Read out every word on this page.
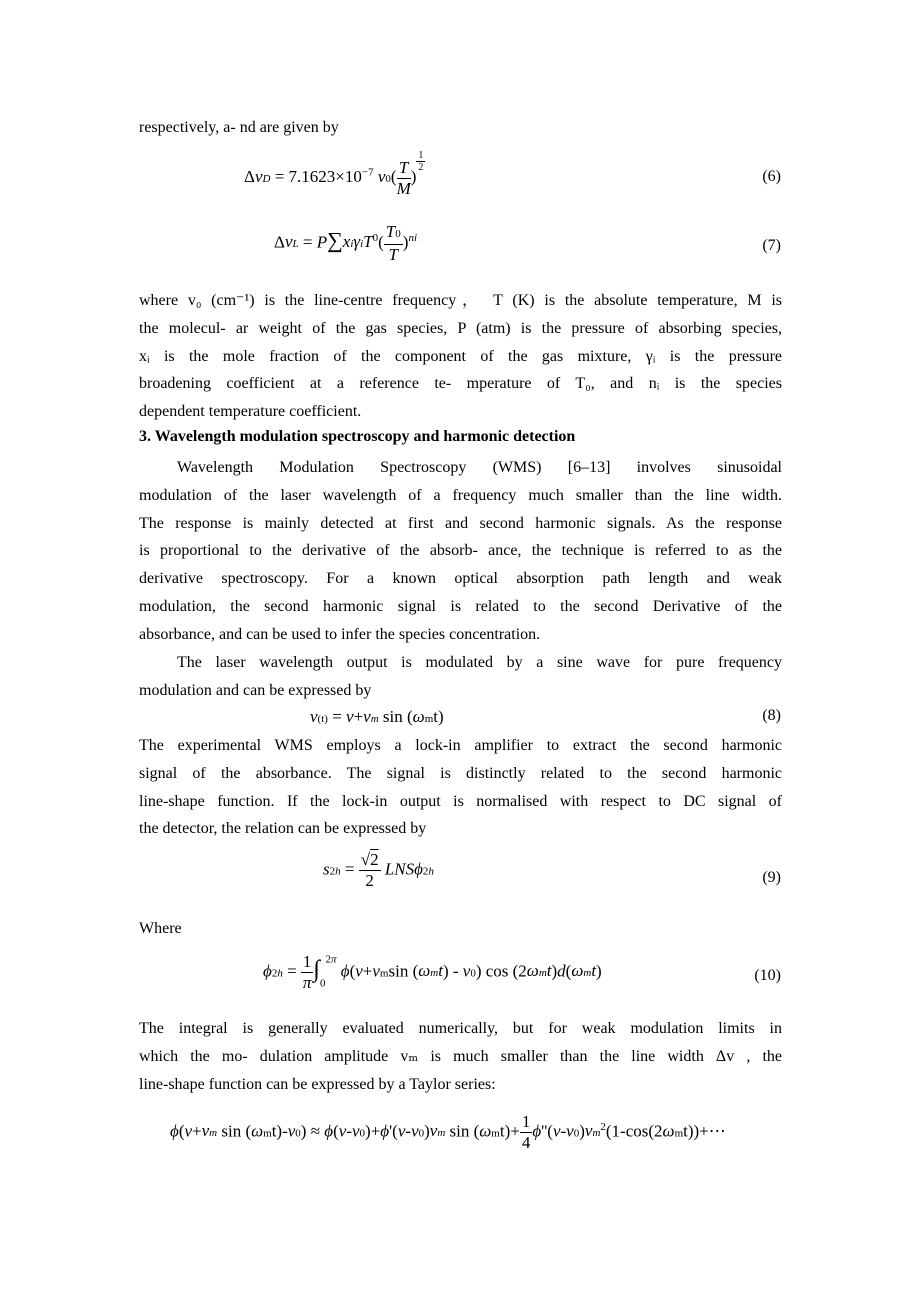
respectively, a- nd are given by

$\Delta vD = 7.1623\times 10^{-7}$ $v0( \frac{T}{M}$ )
$^{\frac{1}{2}}$
(6)
$\Delta vL = P\sum xi\gamma iT^0( \frac{T0}{T} )^{ni}$	(7)

where v₀ (cm⁻¹) is the line-centre frequency， T (K) is the absolute temperature, M is
the molecul- ar weight of the gas species, P (atm) is the pressure of absorbing species,
xᵢ is the mole fraction of the component of the gas mixture, γᵢ is the pressure
broadening coefficient at a reference te- mperature of T₀, and nᵢ is the species
dependent temperature coefficient.

3. Wavelength modulation spectroscopy and harmonic detection

Wavelength Modulation Spectroscopy (WMS) [6–13] involves sinusoidal
modulation of the laser wavelength of a frequency much smaller than the line width.
The response is mainly detected at first and second harmonic signals. As the response
is proportional to the derivative of the absorb- ance, the technique is referred to as the
derivative spectroscopy. For a known optical absorption path length and weak
modulation, the second harmonic signal is related to the second Derivative of the
absorbance, and can be used to infer the species concentration.

The laser wavelength output is modulated by a sine wave for pure frequency
modulation and can be expressed by

v(t) = v+vm sin (ωmt)	(8)

The experimental WMS employs a lock-in amplifier to extract the second harmonic
signal of the absorbance. The signal is distinctly related to the second harmonic
line-shape function. If the lock-in output is normalised with respect to DC signal of
the detector, the relation can be expressed by

$s2h = \frac{√2}{2} LNS\phi 2h$	(9)

Where

$\phi 2h = \frac{1}{\pi} \int_0^{2\pi}$ ϕ(v+vmsin (ωmt) - v0) cos (2ωmt)d(ωmt)	(10)

The integral is generally evaluated numerically, but for weak modulation limits in
which the mo- dulation amplitude vₘ is much smaller than the line width Δv , the
line-shape function can be expressed by a Taylor series:

ϕ(v+vm sin (ωmt)-v0) ≈ ϕ(v-v0)+ϕ'(v-v0)vm $\sin (\omega mt)+ \frac{1}{4}$ $\phi''(v-v0)vm^2(1-\cos(2\omega mt))+\cdots$
